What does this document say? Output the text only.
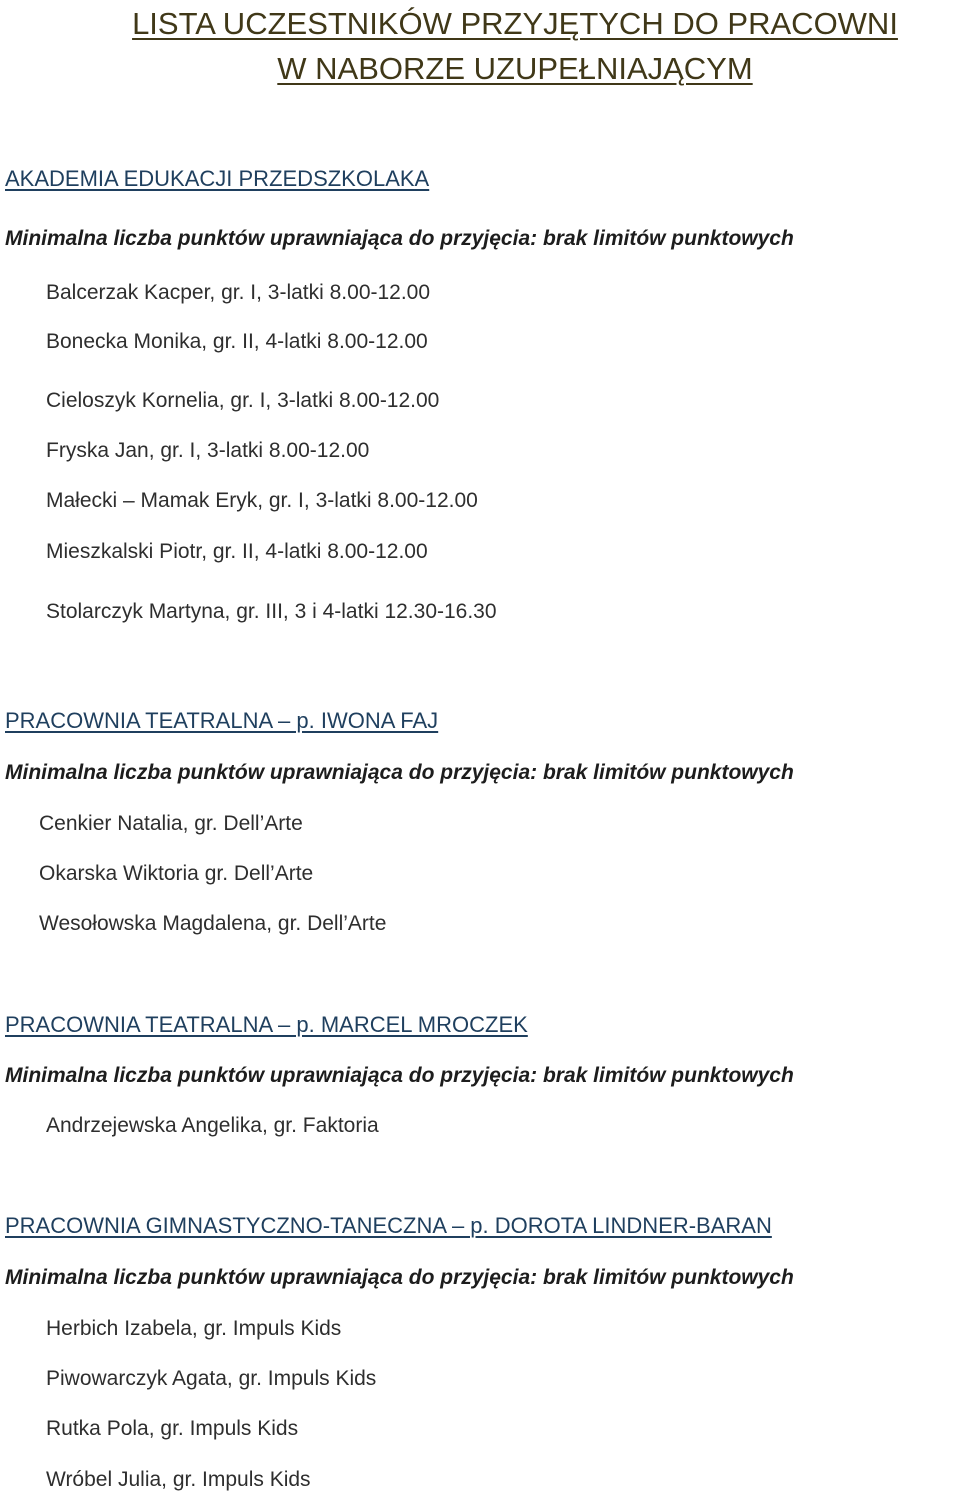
LISTA UCZESTNIKÓW PRZYJĘTYCH DO PRACOWNI
W NABORZE UZUPEŁNIAJĄCYM
AKADEMIA EDUKACJI PRZEDSZKOLAKA

Minimalna liczba punktów uprawniająca do przyjęcia: brak limitów punktowych

Balcerzak Kacper, gr. I, 3-latki 8.00-12.00

Bonecka Monika, gr. II, 4-latki 8.00-12.00

Cieloszyk Kornelia, gr. I, 3-latki 8.00-12.00

Fryska Jan, gr. I, 3-latki 8.00-12.00

Małecki – Mamak Eryk, gr. I, 3-latki 8.00-12.00

Mieszkalski Piotr, gr. II, 4-latki 8.00-12.00

Stolarczyk Martyna, gr. III, 3 i 4-latki 12.30-16.30

PRACOWNIA TEATRALNA – p. IWONA FAJ

Minimalna liczba punktów uprawniająca do przyjęcia: brak limitów punktowych

Cenkier Natalia, gr. Dell’Arte

Okarska Wiktoria gr. Dell’Arte

Wesołowska Magdalena, gr. Dell’Arte

PRACOWNIA TEATRALNA – p. MARCEL MROCZEK

Minimalna liczba punktów uprawniająca do przyjęcia: brak limitów punktowych

Andrzejewska Angelika, gr. Faktoria

PRACOWNIA GIMNASTYCZNO-TANECZNA – p. DOROTA LINDNER-BARAN

Minimalna liczba punktów uprawniająca do przyjęcia: brak limitów punktowych

Herbich Izabela, gr. Impuls Kids

Piwowarczyk Agata, gr. Impuls Kids

Rutka Pola, gr. Impuls Kids

Wróbel Julia, gr. Impuls Kids
